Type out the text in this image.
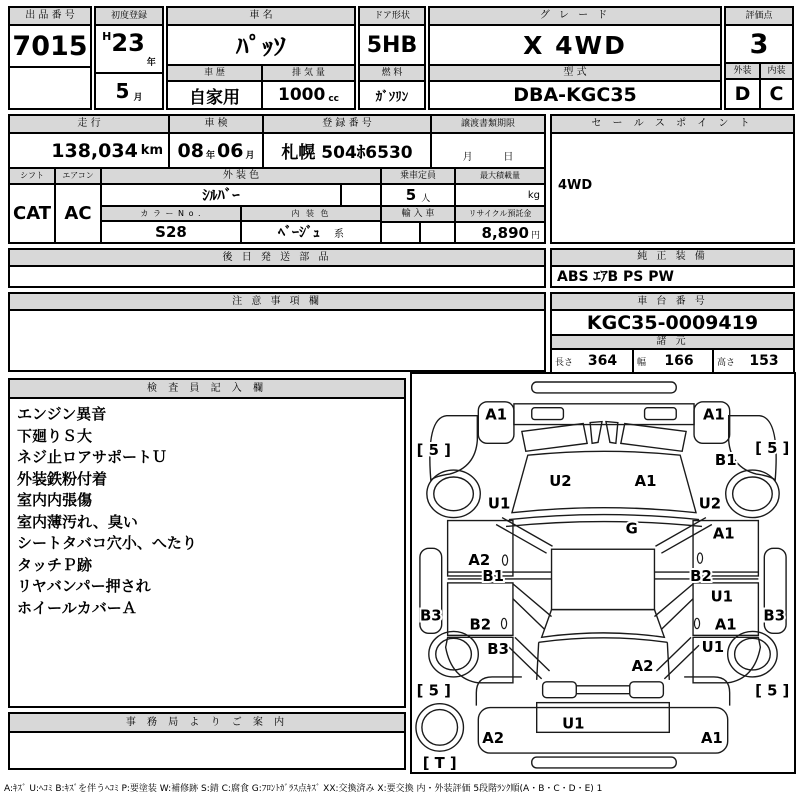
出 品 番 号
7015
初度登録
H 23
年
5 月
車 名
ﾊﾟｯｿ
車 歴
自家用
排 気 量
1000 cc
ドア形状
5HB
燃 料
ｶﾞｿﾘﾝ
グ レ ー ド
X 4WD
型 式
DBA-KGC35
評価点
3
外装
D
内装
C
走 行
138,034 km
車 検
08 年 06 月
登 録 番 号
札幌 504ﾎ6530
譲渡書類期限
月	日
シフト
CAT
エアコン
AC
外 装 色
ｼﾙﾊﾞｰ
カ ラ ー N o .	内 装 色
S28	ﾍﾞｰｼﾞｭ 系
乗車定員
5 人
輸 入 車
最大積載量
kg
リサイクル預託金
8,890 円
セ ー ル ス ポ イ ン ト
4WD
後 日 発 送 部 品	純 正 装 備
ABS ｴｱB PS PW
注 意 事 項 欄	車 台 番 号
KGC35-0009419
諸 元
長さ	364	幅	166	高さ	153
検 査 員 記 入 欄
エンジン異音
下廻りＳ大
ネジ止ロアサポートＵ
外装鉄粉付着
室内内張傷
室内薄汚れ、臭い
シートタバコ穴小、へたり
タッチＰ跡
リヤバンパー押され
ホイールカバーＡ
事 務 局 よ り ご 案 内
A1	A1
[ 5 ]	[ 5 ]
B1
U2	A1
U1	U2
G	A1
A2
B1	B2
U1
B3
B2	A1
B3
B3	U1
A2
[ 5 ]	[ 5 ]
U1
A2	A1
[ T ]
A:ｷｽﾞ U:ﾍｺﾐ B:ｷｽﾞを伴うﾍｺﾐ P:要塗装 W:補修跡 S:錆 C:腐食 G:ﾌﾛﾝﾄｶﾞﾗｽ点ｷｽﾞ XX:交換済み X:要交換 内・外装評価 5段階ﾗﾝｸ順(A・B・C・D・E) 1
